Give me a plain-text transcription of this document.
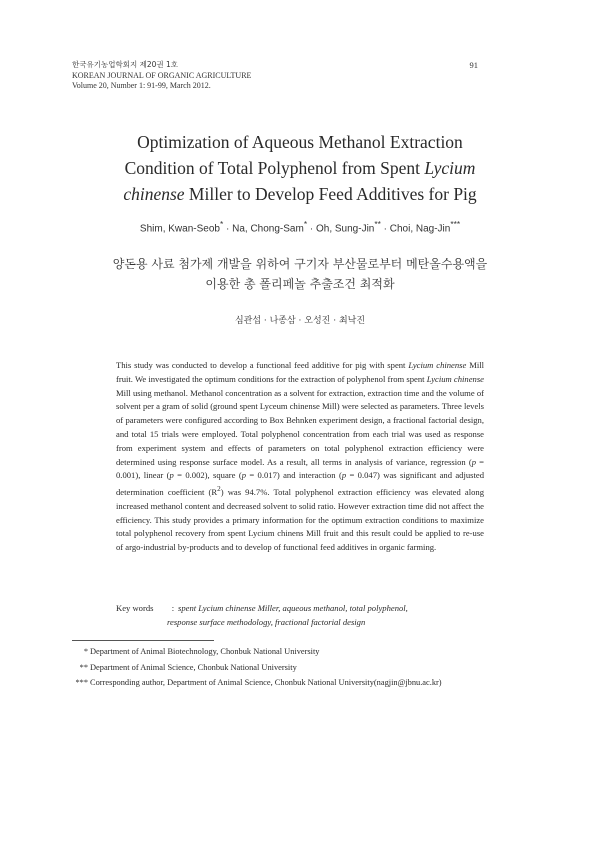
한국유기농업학회지 제20권 1호
KOREAN JOURNAL OF ORGANIC AGRICULTURE
Volume 20, Number 1: 91-99, March 2012.
91
Optimization of Aqueous Methanol Extraction
Condition of Total Polyphenol from Spent Lycium
chinense Miller to Develop Feed Additives for Pig
Shim, Kwan-Seob* · Na, Chong-Sam* · Oh, Sung-Jin** · Choi, Nag-Jin***
양돈용 사료 첨가제 개발을 위하여 구기자 부산물로부터 메탄올수용액을
이용한 총 폴리페놀 추출조건 최적화
심관섭 · 나종삼 · 오성진 · 최낙진
This study was conducted to develop a functional feed additive for pig with spent Lycium chinense Mill fruit. We investigated the optimum conditions for the extraction of polyphenol from spent Lycium chinense Mill using methanol. Methanol concentration as a solvent for extraction, extraction time and the volume of solvent per a gram of solid (ground spent Lyceum chinense Mill) were selected as parameters. Three levels of parameters were configured according to Box Behnken experiment design, a fractional factorial design, and total 15 trials were employed. Total polyphenol concentration from each trial was used as response from experiment system and effects of parameters on total polyphenol extraction efficiency were determined using response surface model. As a result, all terms in analysis of variance, regression (p = 0.001), linear (p = 0.002), square (p = 0.017) and interaction (p = 0.047) was significant and adjusted determination coefficient $(R^2)$ was 94.7%. Total polyphenol extraction efficiency was elevated along increased methanol content and decreased solvent to solid ratio. However extraction time did not affect the efficiency. This study provides a primary information for the optimum extraction conditions to maximize total polyphenol recovery from spent Lycium chinens Mill fruit and this result could be applied to re-use of argo-industrial by-products and to develop of functional feed additives in organic farming.
Key words : spent Lycium chinense Miller, aqueous methanol, total polyphenol,
response surface methodology, fractional factorial design
* Department of Animal Biotechnology, Chonbuk National University
** Department of Animal Science, Chonbuk National University
*** Corresponding author, Department of Animal Science, Chonbuk National University(nagjin@jbnu.ac.kr)
